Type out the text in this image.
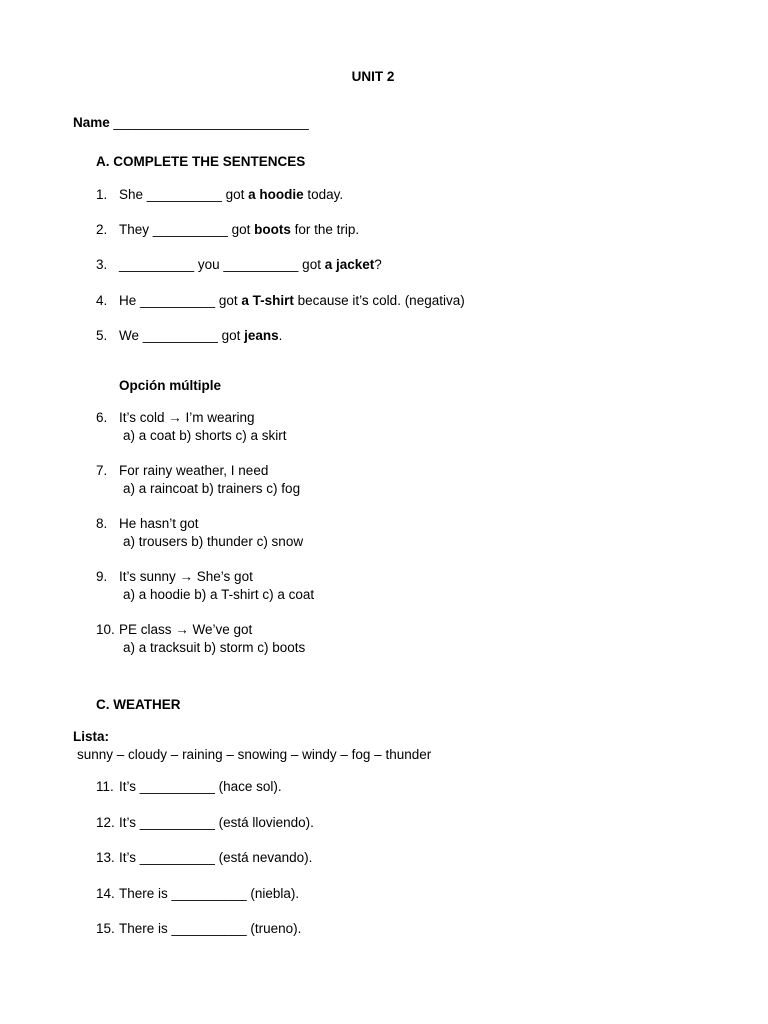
UNIT 2
Name __________________________
A. COMPLETE THE SENTENCES
1. She __________ got a hoodie today.
2. They __________ got boots for the trip.
3. __________ you __________ got a jacket?
4. He __________ got a T-shirt because it’s cold. (negativa)
5. We __________ got jeans.
Opción múltiple
6. It’s cold → I’m wearing
a) a coat b) shorts c) a skirt
7. For rainy weather, I need
a) a raincoat b) trainers c) fog
8. He hasn’t got
a) trousers b) thunder c) snow
9. It’s sunny → She’s got
a) a hoodie b) a T-shirt c) a coat
10. PE class → We’ve got
a) a tracksuit b) storm c) boots
C. WEATHER
Lista:
sunny – cloudy – raining – snowing – windy – fog – thunder
11. It’s __________ (hace sol).
12. It’s __________ (está lloviendo).
13. It’s __________ (está nevando).
14. There is __________ (niebla).
15. There is __________ (trueno).
